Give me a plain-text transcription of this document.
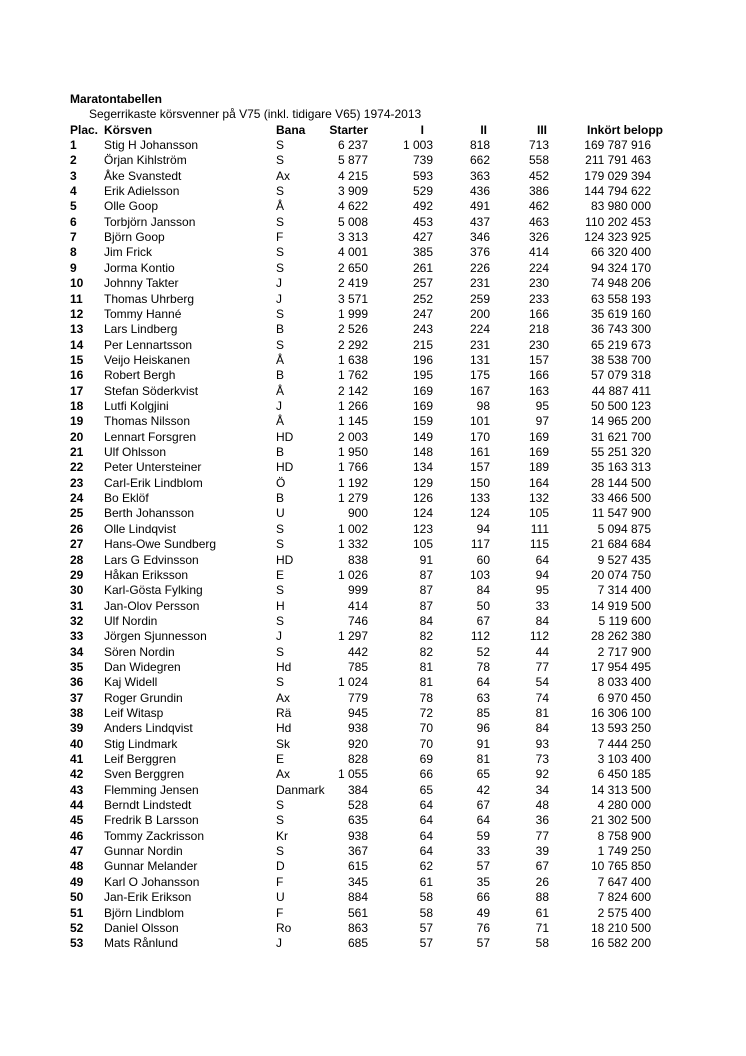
Maratontabellen
Segerrikaste körsvenner på V75 (inkl. tidigare V65) 1974-2013
Plac. Körsven	Bana Starter	I	II	III	Inkört belopp
1 Stig H Johansson	S	6 237	1 003	818	713	169 787 916
2 Örjan Kihlström	S	5 877	739	662	558	211 791 463
3 Åke Svanstedt	Ax	4 215	593	363	452	179 029 394
4 Erik Adielsson	S	3 909	529	436	386	144 794 622
5 Olle Goop	Å	4 622	492	491	462	83 980 000
6 Torbjörn Jansson	S	5 008	453	437	463	110 202 453
7 Björn Goop	F	3 313	427	346	326	124 323 925
8 Jim Frick	S	4 001	385	376	414	66 320 400
9 Jorma Kontio	S	2 650	261	226	224	94 324 170
10 Johnny Takter	J	2 419	257	231	230	74 948 206
11 Thomas Uhrberg	J	3 571	252	259	233	63 558 193
12 Tommy Hanné	S	1 999	247	200	166	35 619 160
13 Lars Lindberg	B	2 526	243	224	218	36 743 300
14 Per Lennartsson	S	2 292	215	231	230	65 219 673
15 Veijo Heiskanen	Å	1 638	196	131	157	38 538 700
16 Robert Bergh	B	1 762	195	175	166	57 079 318
17 Stefan Söderkvist	Å	2 142	169	167	163	44 887 411
18 Lutfi Kolgjini	J	1 266	169	98	95	50 500 123
19 Thomas Nilsson	Å	1 145	159	101	97	14 965 200
20 Lennart Forsgren	HD	2 003	149	170	169	31 621 700
21 Ulf Ohlsson	B	1 950	148	161	169	55 251 320
22 Peter Untersteiner	HD	1 766	134	157	189	35 163 313
23 Carl-Erik Lindblom	Ö	1 192	129	150	164	28 144 500
24 Bo Eklöf	B	1 279	126	133	132	33 466 500
25 Berth Johansson	U	900	124	124	105	11 547 900
26 Olle Lindqvist	S	1 002	123	94	111	5 094 875
27 Hans-Owe Sundberg	S	1 332	105	117	115	21 684 684
28 Lars G Edvinsson	HD	838	91	60	64	9 527 435
29 Håkan Eriksson	E	1 026	87	103	94	20 074 750
30 Karl-Gösta Fylking	S	999	87	84	95	7 314 400
31 Jan-Olov Persson	H	414	87	50	33	14 919 500
32 Ulf Nordin	S	746	84	67	84	5 119 600
33 Jörgen Sjunnesson	J	1 297	82	112	112	28 262 380
34 Sören Nordin	S	442	82	52	44	2 717 900
35 Dan Widegren	Hd	785	81	78	77	17 954 495
36 Kaj Widell	S	1 024	81	64	54	8 033 400
37 Roger Grundin	Ax	779	78	63	74	6 970 450
38 Leif Witasp	Rä	945	72	85	81	16 306 100
39 Anders Lindqvist	Hd	938	70	96	84	13 593 250
40 Stig Lindmark	Sk	920	70	91	93	7 444 250
41 Leif Berggren	E	828	69	81	73	3 103 400
42 Sven Berggren	Ax	1 055	66	65	92	6 450 185
43 Flemming Jensen	Danmark 384	65	42	34	14 313 500
44 Berndt Lindstedt	S	528	64	67	48	4 280 000
45 Fredrik B Larsson	S	635	64	64	36	21 302 500
46 Tommy Zackrisson	Kr	938	64	59	77	8 758 900
47 Gunnar Nordin	S	367	64	33	39	1 749 250
48 Gunnar Melander	D	615	62	57	67	10 765 850
49 Karl O Johansson	F	345	61	35	26	7 647 400
50 Jan-Erik Erikson	U	884	58	66	88	7 824 600
51 Björn Lindblom	F	561	58	49	61	2 575 400
52 Daniel Olsson	Ro	863	57	76	71	18 210 500
53 Mats Rånlund	J	685	57	57	58	16 582 200
